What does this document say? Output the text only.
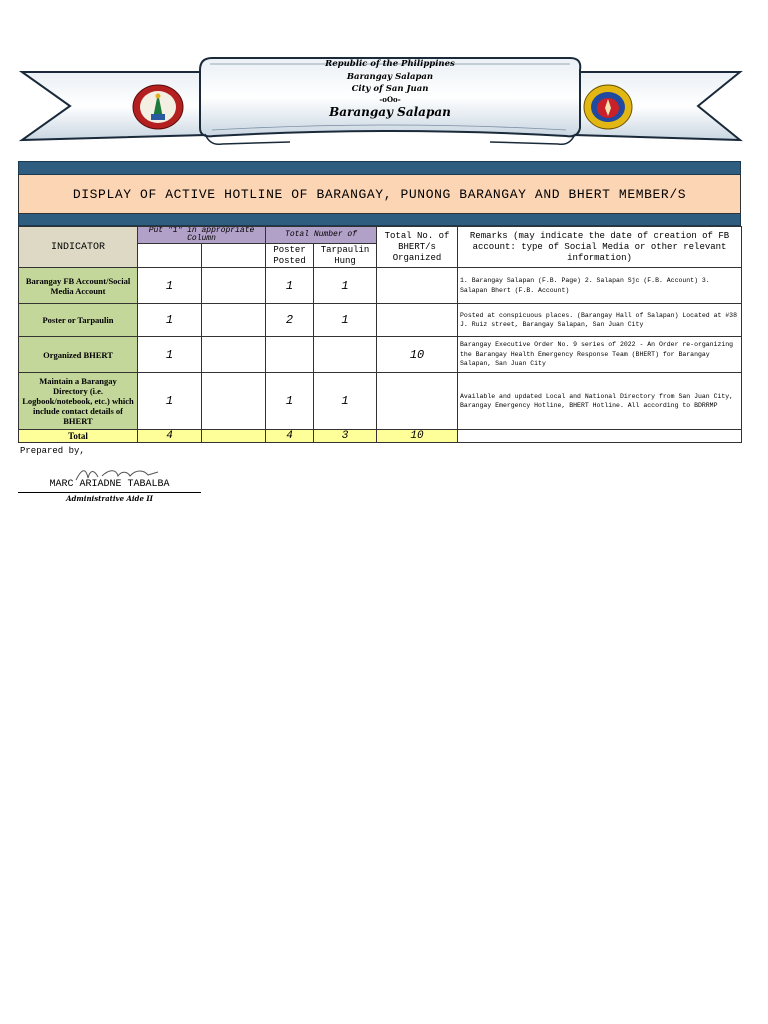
Republic of the Philippines
Barangay Salapan
City of San Juan
-oOo-
Barangay Salapan
DISPLAY OF ACTIVE HOTLINE OF BARANGAY, PUNONG BARANGAY AND BHERT MEMBER/S
INDICATOR	Put "1" in appropriate Column		Total Number of		Total No. of BHERT/s Organized	Remarks (may indicate the date of creation of FB account: type of Social Media or other relevant information)
			Poster Posted	Tarpaulin Hung		
Barangay FB Account/Social Media Account	1		1	1		1. Barangay Salapan (F.B. Page) 2. Salapan Sjc (F.B. Account) 3. Salapan Bhert (F.B. Account)
Poster or Tarpaulin	1		2	1		Posted at conspicuous places. (Barangay Hall of Salapan) Located at #38 J. Ruiz street, Barangay Salapan, San Juan City
Organized BHERT	1				10	Barangay Executive Order No. 9 series of 2022 - An Order re-organizing the Barangay Health Emergency Response Team (BHERT) for Barangay Salapan, San Juan City
Maintain a Barangay Directory (i.e. Logbook/notebook, etc.) which include contact details of BHERT	1		1	1		Available and updated Local and National Directory from San Juan City, Barangay Emergency Hotline, BHERT Hotline. All according to BDRRMP
Total	4		4	3	10	
Prepared by,
MARC ARIADNE TABALBA
Administrative Aide II
